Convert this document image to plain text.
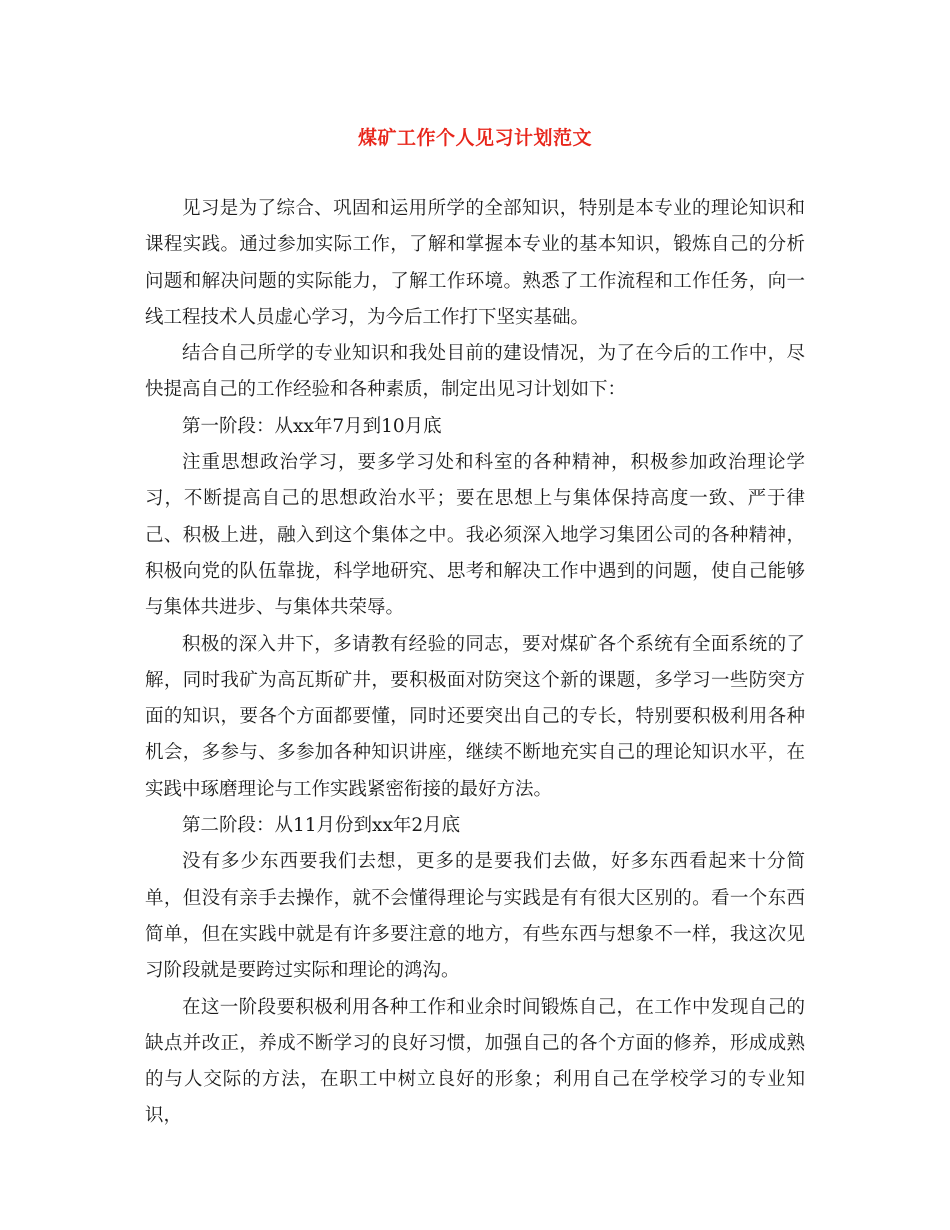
煤矿工作个人见习计划范文

见习是为了综合、巩固和运用所学的全部知识，特别是本专业的理论知识和课程实践。通过参加实际工作，了解和掌握本专业的基本知识，锻炼自己的分析问题和解决问题的实际能力，了解工作环境。熟悉了工作流程和工作任务，向一线工程技术人员虚心学习，为今后工作打下坚实基础。

结合自己所学的专业知识和我处目前的建设情况，为了在今后的工作中，尽快提高自己的工作经验和各种素质，制定出见习计划如下：

第一阶段：从xx年7月到10月底

注重思想政治学习，要多学习处和科室的各种精神，积极参加政治理论学习，不断提高自己的思想政治水平；要在思想上与集体保持高度一致、严于律己、积极上进，融入到这个集体之中。我必须深入地学习集团公司的各种精神，积极向党的队伍靠拢，科学地研究、思考和解决工作中遇到的问题，使自己能够与集体共进步、与集体共荣辱。

积极的深入井下，多请教有经验的同志，要对煤矿各个系统有全面系统的了解，同时我矿为高瓦斯矿井，要积极面对防突这个新的课题，多学习一些防突方面的知识，要各个方面都要懂，同时还要突出自己的专长，特别要积极利用各种机会，多参与、多参加各种知识讲座，继续不断地充实自己的理论知识水平，在实践中琢磨理论与工作实践紧密衔接的最好方法。

第二阶段：从11月份到xx年2月底

没有多少东西要我们去想，更多的是要我们去做，好多东西看起来十分简单，但没有亲手去操作，就不会懂得理论与实践是有有很大区别的。看一个东西简单，但在实践中就是有许多要注意的地方，有些东西与想象不一样，我这次见习阶段就是要跨过实际和理论的鸿沟。

在这一阶段要积极利用各种工作和业余时间锻炼自己，在工作中发现自己的缺点并改正，养成不断学习的良好习惯，加强自己的各个方面的修养，形成成熟的与人交际的方法，在职工中树立良好的形象；利用自己在学校学习的专业知识，
